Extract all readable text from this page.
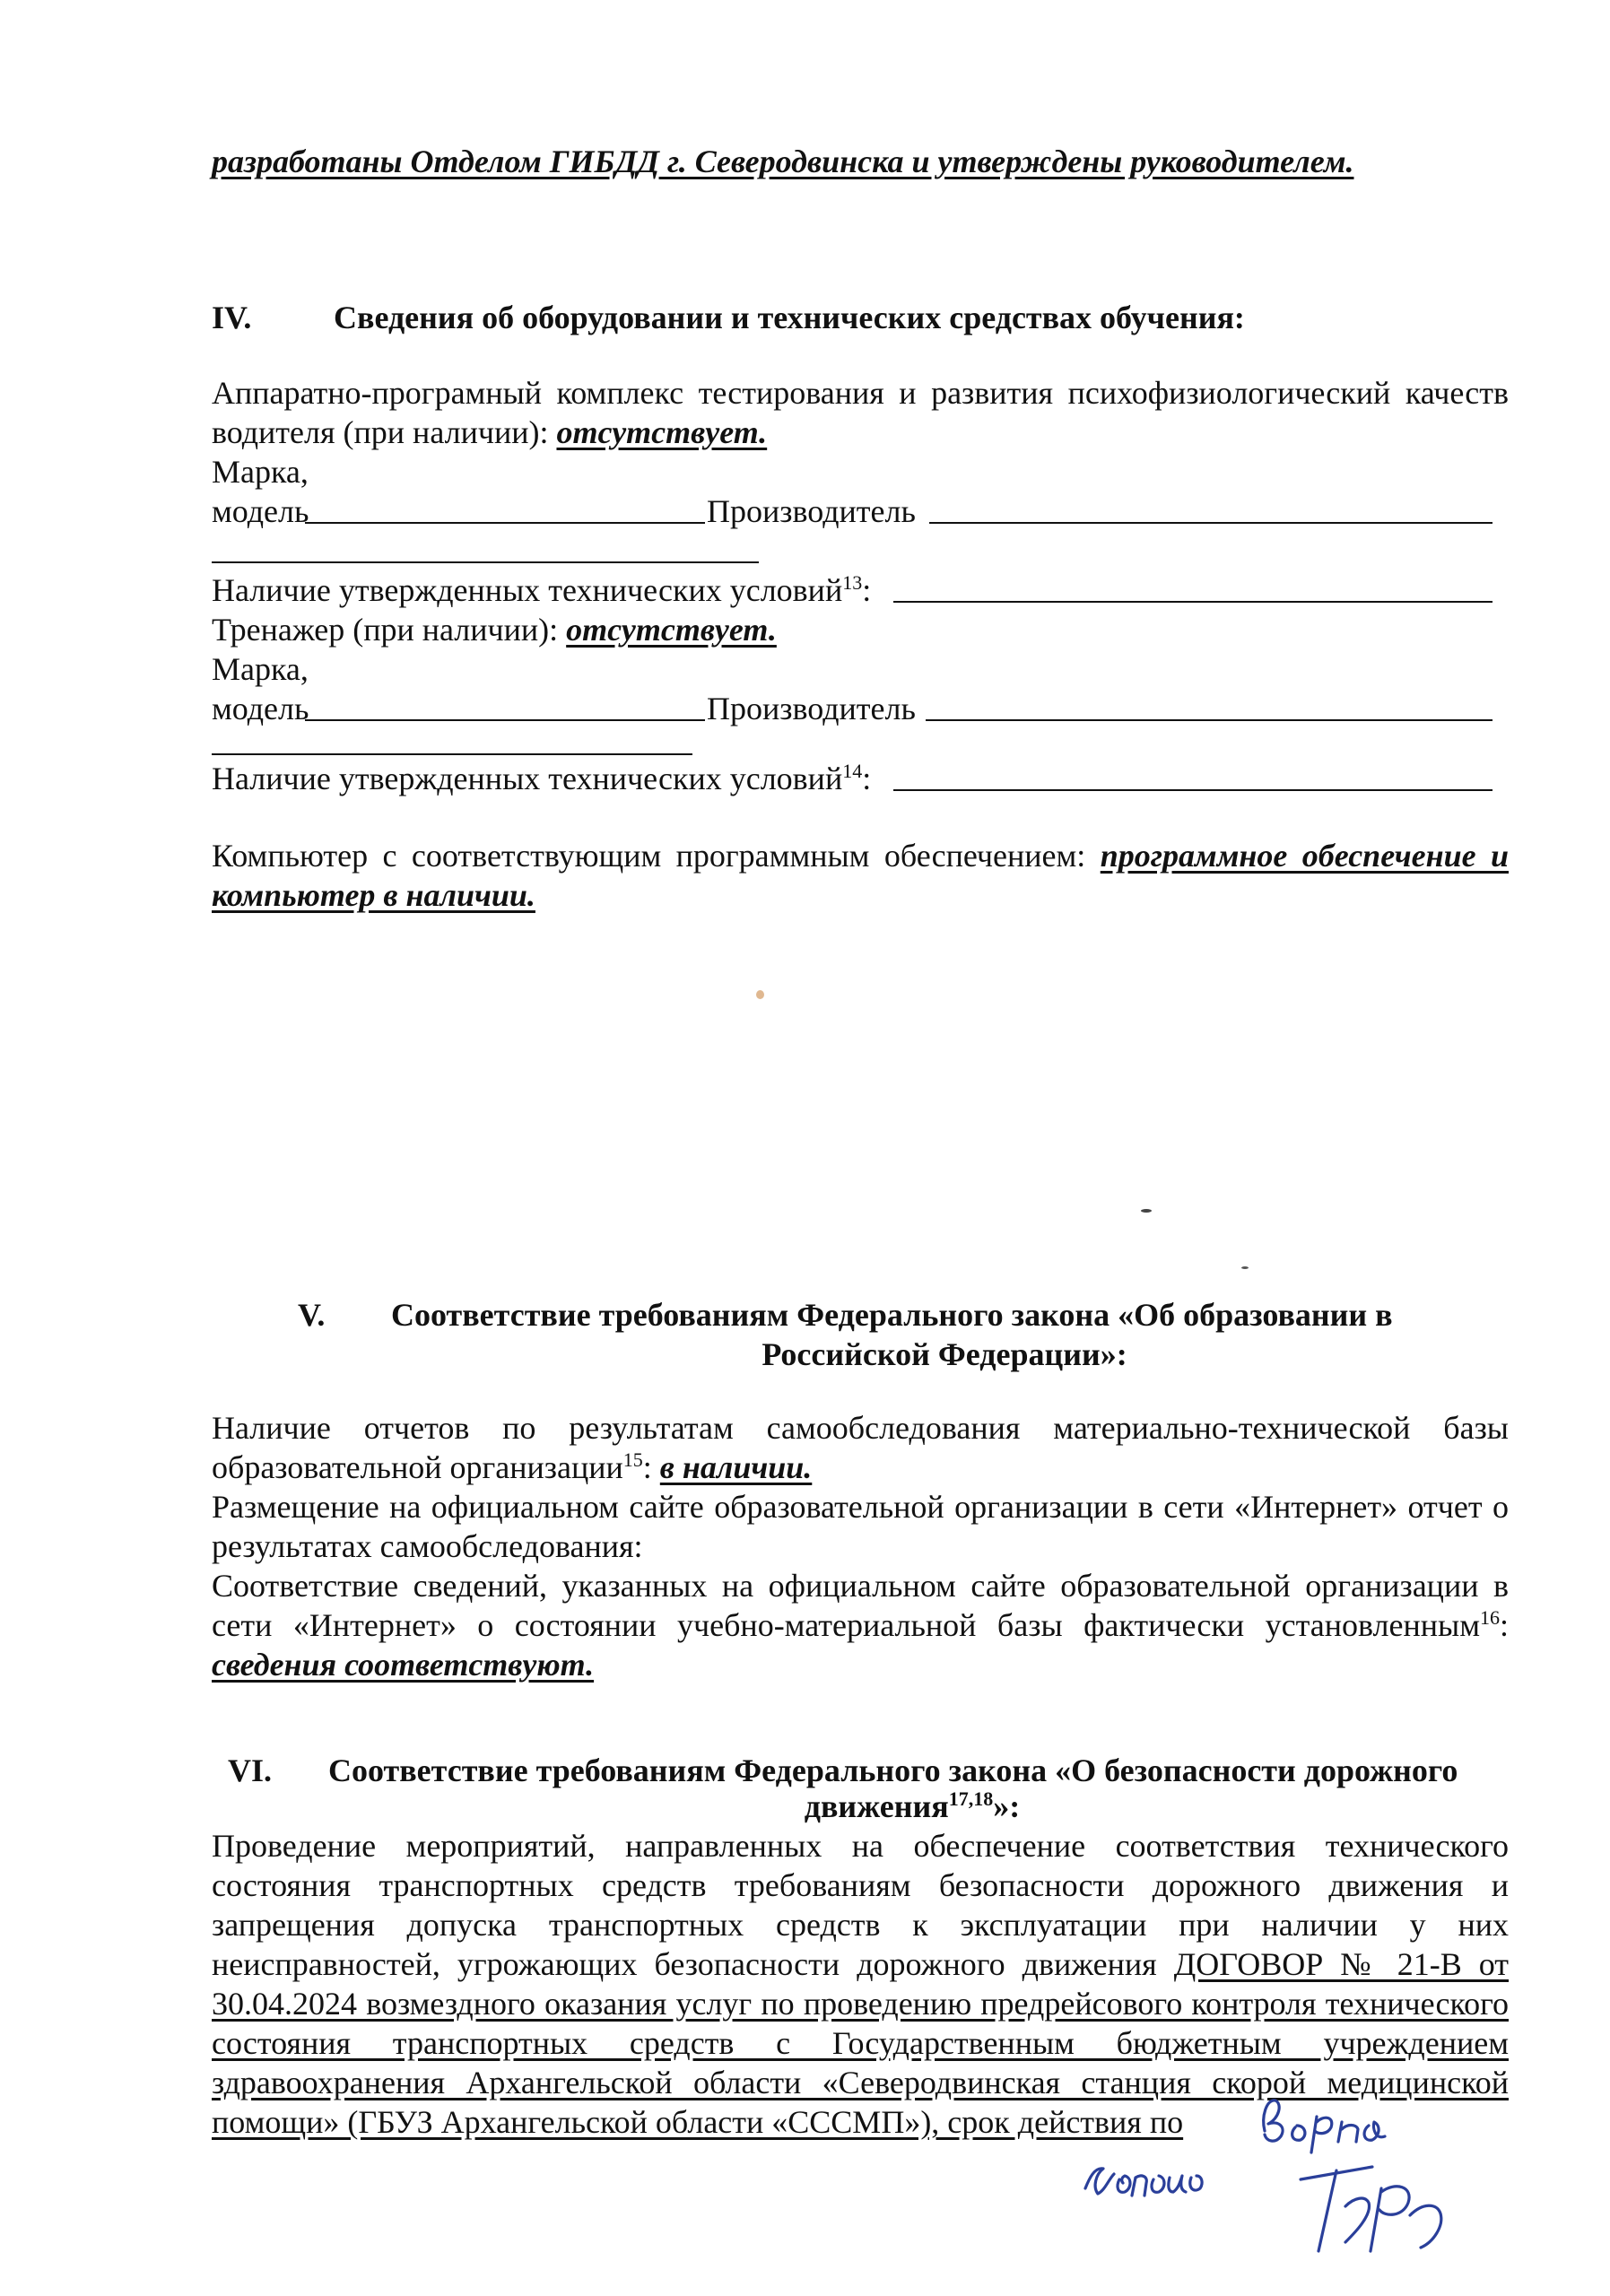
разработаны Отделом ГИБДД г. Северодвинска и утверждены руководителем.
IV.	Сведения об оборудовании и технических средствах обучения:
Аппаратно-програмный комплекс тестирования и развития психофизиологический качеств водителя (при наличии): отсутствует.
Марка,
модель	Производитель
Наличие утвержденных технических условий$^{13}$:
Тренажер (при наличии): отсутствует.
Марка,
модель	Производитель
Наличие утвержденных технических условий$^{14}$:
Компьютер с соответствующим программным обеспечением: программное обеспечение и компьютер в наличии.
V. Соответствие требованиям Федерального закона «Об образовании в
Российской Федерации»:
Наличие отчетов по результатам самообследования материально-технической базы образовательной организации$^{15}$: в наличии.
Размещение на официальном сайте образовательной организации в сети «Интернет» отчет о результатах самообследования:
Соответствие сведений, указанных на официальном сайте образовательной организации в сети «Интернет» о состоянии учебно-материальной базы фактически установленным$^{16}$: сведения соответствуют.
VI. Соответствие требованиям Федерального закона «О безопасности дорожного
движения$^{17,18}$»:
Проведение мероприятий, направленных на обеспечение соответствия технического состояния транспортных средств требованиям безопасности дорожного движения и запрещения допуска транспортных средств к эксплуатации при наличии у них неисправностей, угрожающих безопасности дорожного движения ДОГОВОР № 21-В от 30.04.2024 возмездного оказания услуг по проведению предрейсового контроля технического состояния транспортных средств с Государственным бюджетным учреждением здравоохранения Архангельской области «Северодвинская станция скорой медицинской помощи» (ГБУЗ Архангельской области «СССМП»), срок действия по
